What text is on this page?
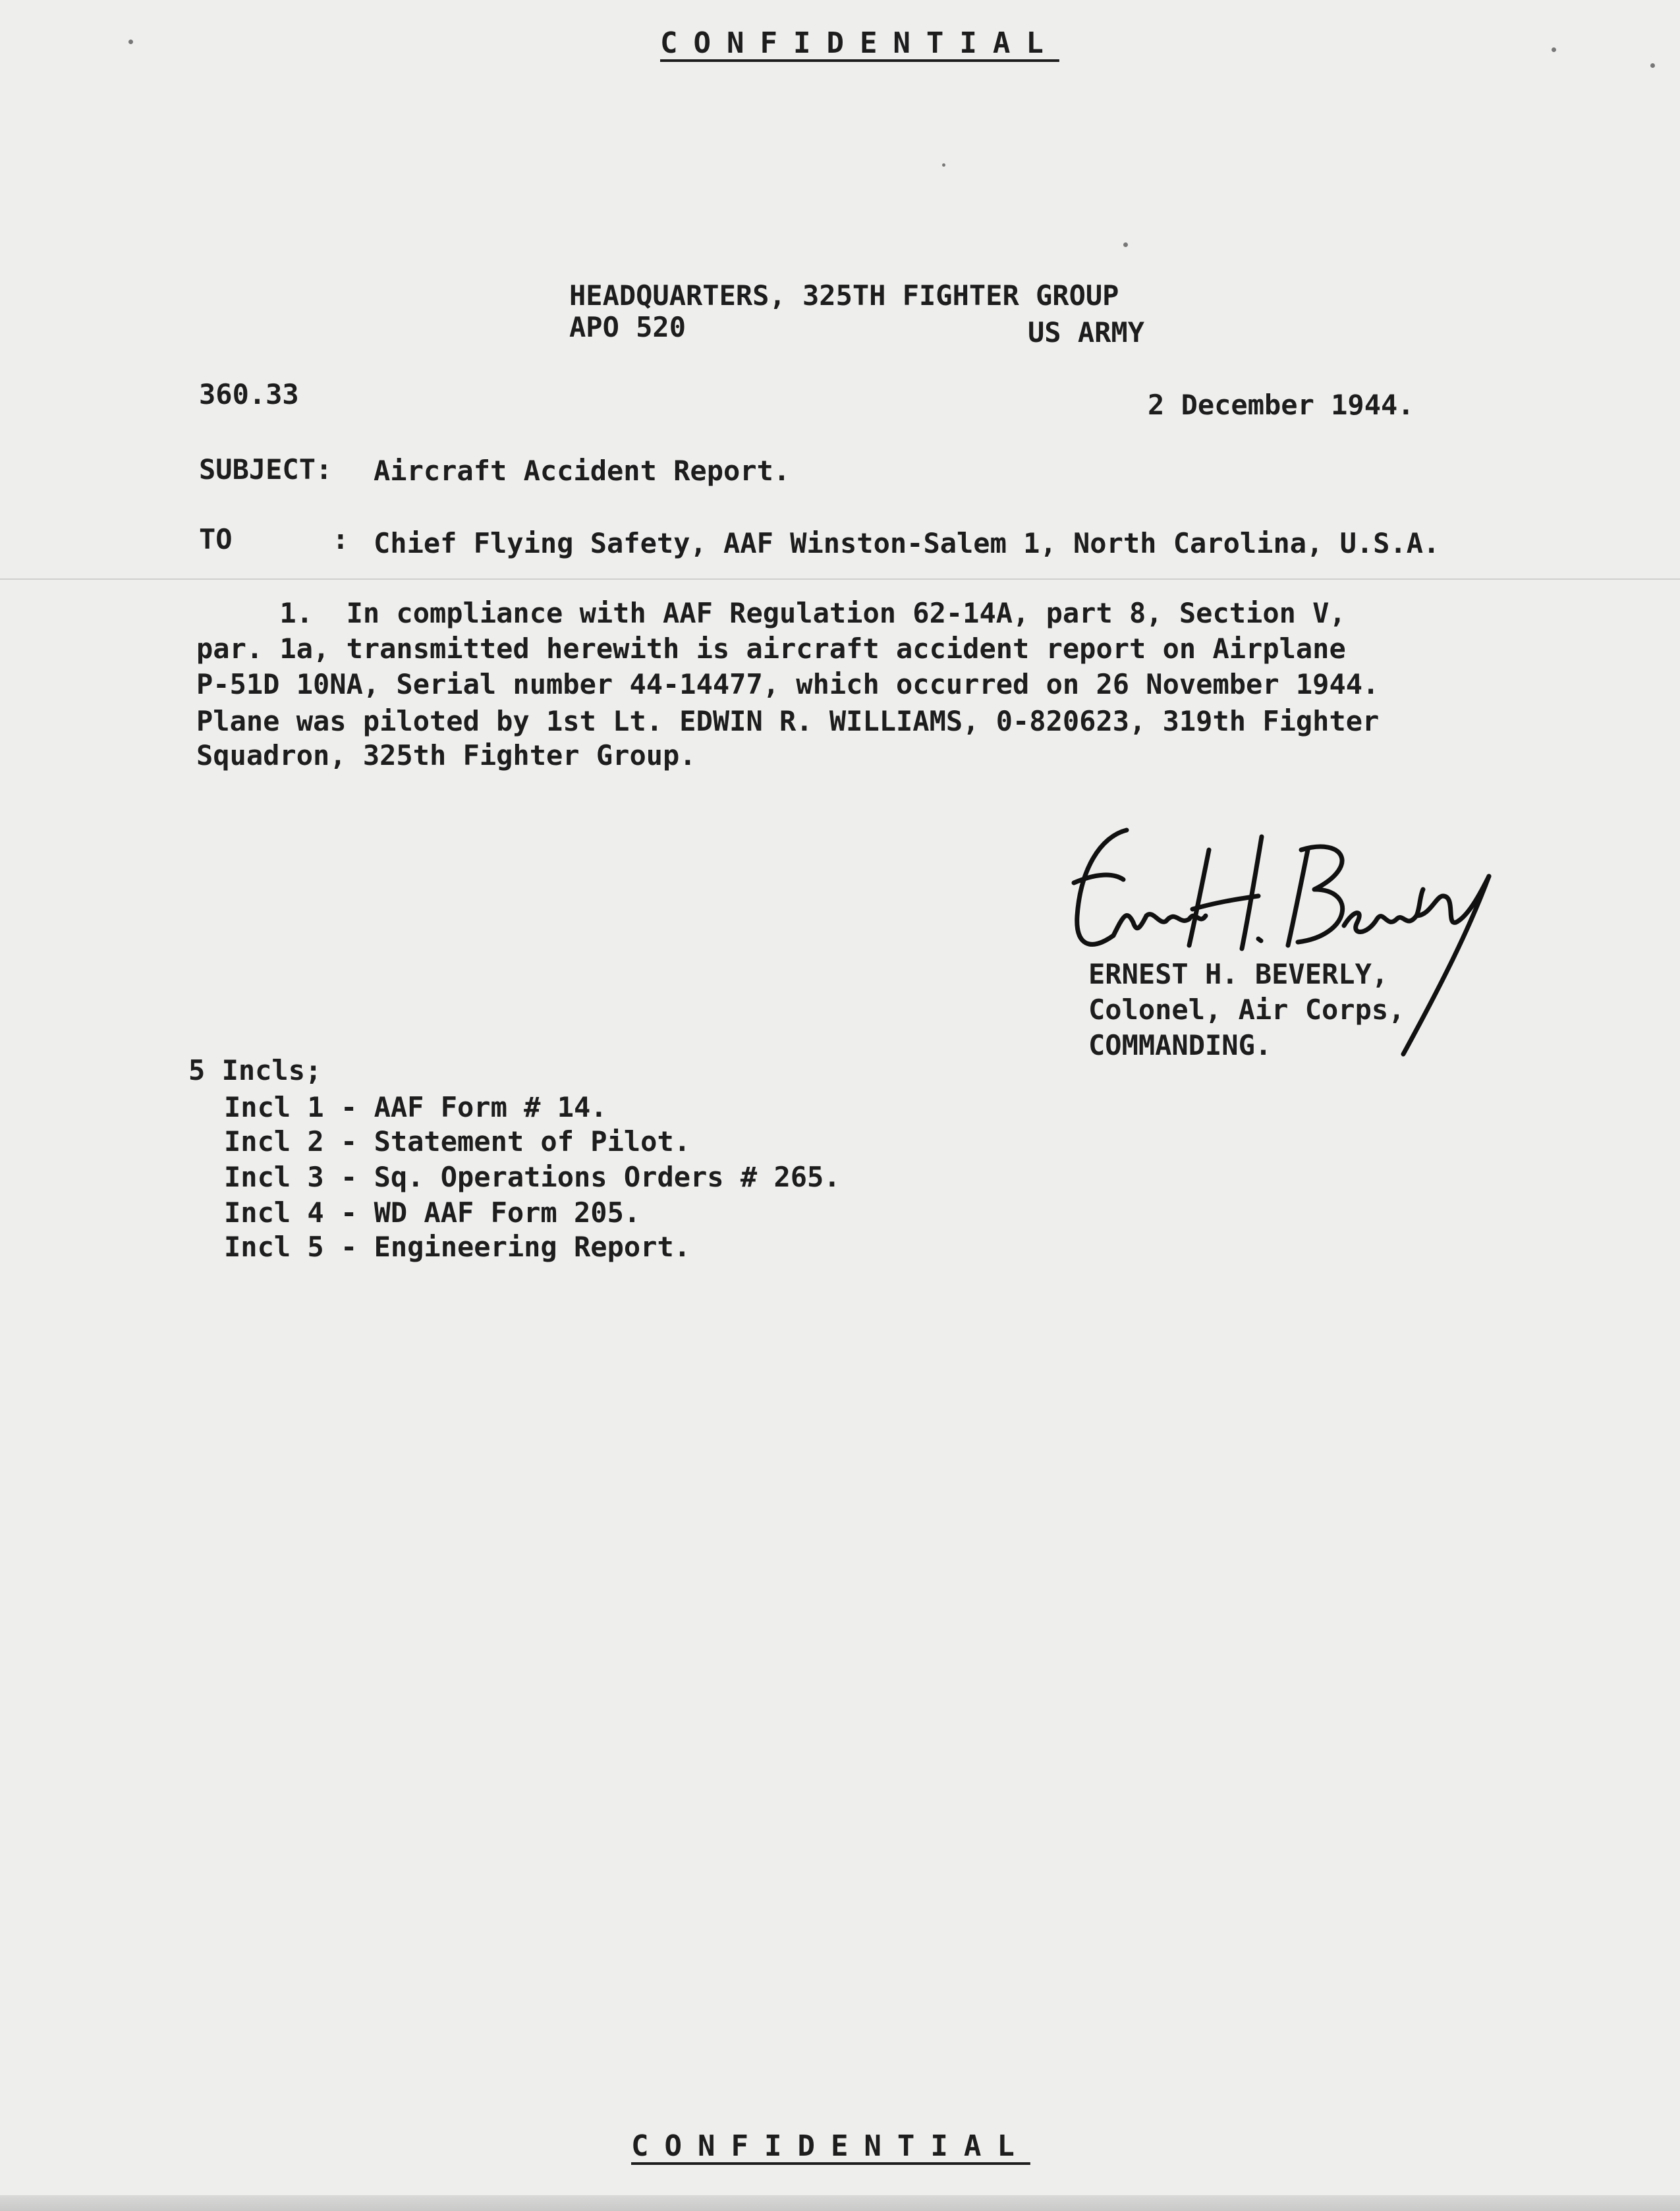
CONFIDENTIAL
HEADQUARTERS, 325TH FIGHTER GROUP
APO 520	US ARMY
360.33	2 December 1944.
SUBJECT: Aircraft Accident Report.
TO      : Chief Flying Safety, AAF Winston-Salem 1, North Carolina, U.S.A.
1.  In compliance with AAF Regulation 62-14A, part 8, Section V,
par. 1a, transmitted herewith is aircraft accident report on Airplane
P-51D 10NA, Serial number 44-14477, which occurred on 26 November 1944.
Plane was piloted by 1st Lt. EDWIN R. WILLIAMS, 0-820623, 319th Fighter
Squadron, 325th Fighter Group.
ERNEST H. BEVERLY,
Colonel, Air Corps,
COMMANDING.
5 Incls;
Incl 1 - AAF Form # 14.
Incl 2 - Statement of Pilot.
Incl 3 - Sq. Operations Orders # 265.
Incl 4 - WD AAF Form 205.
Incl 5 - Engineering Report.
CONFIDENTIAL
